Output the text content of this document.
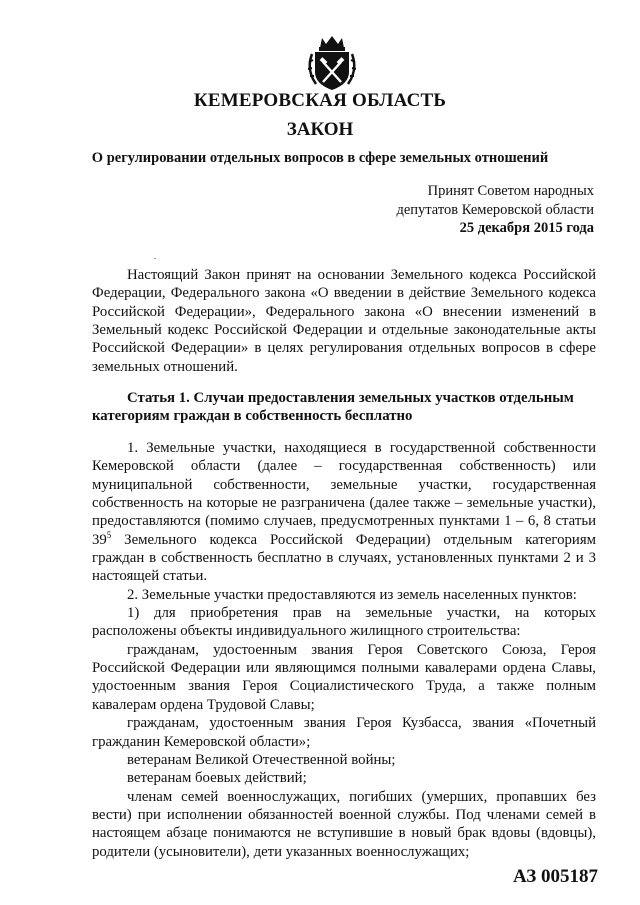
КЕМЕРОВСКАЯ ОБЛАСТЬ
ЗАКОН
О регулировании отдельных вопросов в сфере земельных отношений
Принят Советом народных
депутатов Кемеровской области
25 декабря 2015 года

Настоящий Закон принят на основании Земельного кодекса Российской Федерации, Федерального закона «О введении в действие Земельного кодекса Российской Федерации», Федерального закона «О внесении изменений в Земельный кодекс Российской Федерации и отдельные законодательные акты Российской Федерации» в целях регулирования отдельных вопросов в сфере земельных отношений.

Статья 1. Случаи предоставления земельных участков отдельным
категориям граждан в собственность бесплатно

1. Земельные участки, находящиеся в государственной собственности Кемеровской области (далее – государственная собственность) или муниципальной собственности, земельные участки, государственная собственность на которые не разграничена (далее также – земельные участки), предоставляются (помимо случаев, предусмотренных пунктами 1 – 6, 8 статьи $39^5$ Земельного кодекса Российской Федерации) отдельным категориям граждан в собственность бесплатно в случаях, установленных пунктами 2 и 3 настоящей статьи.

2. Земельные участки предоставляются из земель населенных пунктов:

1) для приобретения прав на земельные участки, на которых расположены объекты индивидуального жилищного строительства:

гражданам, удостоенным звания Героя Советского Союза, Героя Российской Федерации или являющимся полными кавалерами ордена Славы, удостоенным звания Героя Социалистического Труда, а также полным кавалерам ордена Трудовой Славы;

гражданам, удостоенным звания Героя Кузбасса, звания «Почетный гражданин Кемеровской области»;

ветеранам Великой Отечественной войны;

ветеранам боевых действий;

членам семей военнослужащих, погибших (умерших, пропавших без вести) при исполнении обязанностей военной службы. Под членами семей в настоящем абзаце понимаются не вступившие в новый брак вдовы (вдовцы), родители (усыновители), дети указанных военнослужащих;

АЗ 005187
